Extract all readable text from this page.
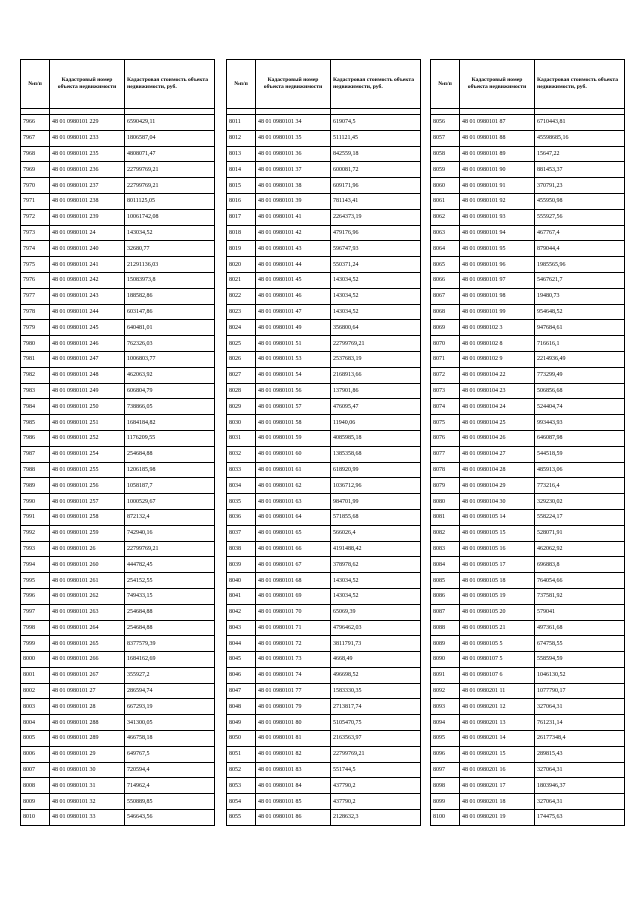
№п/п	Кадастровый номер объекта недвижимости	Кадастровая стоимость объекта недвижимости, руб.

7966	48 01 0980101 229	6590429,11
7967	48 01 0980101 233	1806587,04
7968	48 01 0980101 235	4808071,47
7969	48 01 0980101 236	22799769,21
7970	48 01 0980101 237	22799769,21
7971	48 01 0980101 238	8011125,05
7972	48 01 0980101 239	10061742,08
7973	48 01 0980101 24	143034,52
7974	48 01 0980101 240	32680,77
7975	48 01 0980101 241	21291136,03
7976	48 01 0980101 242	15083973,8
7977	48 01 0980101 243	188582,86
7978	48 01 0980101 244	603147,86
7979	48 01 0980101 245	640481,01
7980	48 01 0980101 246	762326,03
7981	48 01 0980101 247	1006803,77
7982	48 01 0980101 248	462063,92
7983	48 01 0980101 249	606804,79
7984	48 01 0980101 250	738866,05
7985	48 01 0980101 251	1684184,82
7986	48 01 0980101 252	1176209,55
7987	48 01 0980101 254	254684,88
7988	48 01 0980101 255	1206185,98
7989	48 01 0980101 256	1058187,7
7990	48 01 0980101 257	1000529,67
7991	48 01 0980101 258	872132,4
7992	48 01 0980101 259	742940,16
7993	48 01 0980101 26	22799769,21
7994	48 01 0980101 260	444782,45
7995	48 01 0980101 261	254152,55
7996	48 01 0980101 262	749433,15
7997	48 01 0980101 263	254684,88
7998	48 01 0980101 264	254684,88
7999	48 01 0980101 265	8377579,39
8000	48 01 0980101 266	1684162,69
8001	48 01 0980101 267	355927,2
8002	48 01 0980101 27	286594,74
8003	48 01 0980101 28	667293,19
8004	48 01 0980101 288	341300,05
8005	48 01 0980101 289	466758,18
8006	48 01 0980101 29	649767,5
8007	48 01 0980101 30	720594,4
8008	48 01 0980101 31	714962,4
8009	48 01 0980101 32	550889,85
8010	48 01 0980101 33	546643,56
№п/п	Кадастровый номер объекта недвижимости	Кадастровая стоимость объекта недвижимости, руб.

8011	48 01 0980101 34	619074,5
8012	48 01 0980101 35	511121,45
8013	48 01 0980101 36	842559,18
8014	48 01 0980101 37	600081,72
8015	48 01 0980101 38	609171,96
8016	48 01 0980101 39	781143,41
8017	48 01 0980101 41	2264373,19
8018	48 01 0980101 42	479176,96
8019	48 01 0980101 43	596747,93
8020	48 01 0980101 44	550371,24
8021	48 01 0980101 45	143034,52
8022	48 01 0980101 46	143034,52
8023	48 01 0980101 47	143034,52
8024	48 01 0980101 49	356800,64
8025	48 01 0980101 51	22799769,21
8026	48 01 0980101 53	2537683,19
8027	48 01 0980101 54	2168913,66
8028	48 01 0980101 56	137901,86
8029	48 01 0980101 57	476095,47
8030	48 01 0980101 58	11940,06
8031	48 01 0980101 59	4085985,18
8032	48 01 0980101 60	1385358,68
8033	48 01 0980101 61	618920,99
8034	48 01 0980101 62	1036712,96
8035	48 01 0980101 63	984701,99
8036	48 01 0980101 64	571855,68
8037	48 01 0980101 65	566026,4
8038	48 01 0980101 66	4191488,42
8039	48 01 0980101 67	378978,62
8040	48 01 0980101 68	143034,52
8041	48 01 0980101 69	143034,52
8042	48 01 0980101 70	65069,39
8043	48 01 0980101 71	4796462,03
8044	48 01 0980101 72	3811791,73
8045	48 01 0980101 73	4668,49
8046	48 01 0980101 74	496698,52
8047	48 01 0980101 77	1583330,35
8048	48 01 0980101 79	2713817,74
8049	48 01 0980101 80	5105470,75
8050	48 01 0980101 81	2163563,97
8051	48 01 0980101 82	22799769,21
8052	48 01 0980101 83	551744,5
8053	48 01 0980101 84	437790,2
8054	48 01 0980101 85	437790,2
8055	48 01 0980101 86	2128632,3
№п/п	Кадастровый номер объекта недвижимости	Кадастровая стоимость объекта недвижимости, руб.

8056	48 01 0980101 87	6710443,81
8057	48 01 0980101 88	45598685,16
8058	48 01 0980101 89	15647,22
8059	48 01 0980101 90	881453,37
8060	48 01 0980101 91	370791,23
8061	48 01 0980101 92	455950,98
8062	48 01 0980101 93	555927,56
8063	48 01 0980101 94	467767,4
8064	48 01 0980101 95	879044,4
8065	48 01 0980101 96	1985565,96
8066	48 01 0980101 97	5467621,7
8067	48 01 0980101 98	19480,73
8068	48 01 0980101 99	954648,52
8069	48 01 0980102 3	947684,61
8070	48 01 0980102 8	716616,1
8071	48 01 0980102 9	2214936,49
8072	48 01 0980104 22	773299,49
8073	48 01 0980104 23	506856,68
8074	48 01 0980104 24	524404,74
8075	48 01 0980104 25	993443,93
8076	48 01 0980104 26	646087,98
8077	48 01 0980104 27	544518,59
8078	48 01 0980104 28	485913,06
8079	48 01 0980104 29	773216,4
8080	48 01 0980104 30	329230,02
8081	48 01 0980105 14	558224,17
8082	48 01 0980105 15	528071,91
8083	48 01 0980105 16	462062,92
8084	48 01 0980105 17	696883,8
8085	48 01 0980105 18	764054,66
8086	48 01 0980105 19	737581,92
8087	48 01 0980105 20	579041
8088	48 01 0980105 21	497361,68
8089	48 01 0980105 5	674758,55
8090	48 01 0980107 5	558594,59
8091	48 01 0980107 6	1046130,52
8092	48 01 0980201 11	1077790,17
8093	48 01 0980201 12	327064,31
8094	48 01 0980201 13	761231,14
8095	48 01 0980201 14	26177348,4
8096	48 01 0980201 15	289815,43
8097	48 01 0980201 16	327064,31
8098	48 01 0980201 17	1803946,37
8099	48 01 0980201 18	327064,31
8100	48 01 0980201 19	174475,63
